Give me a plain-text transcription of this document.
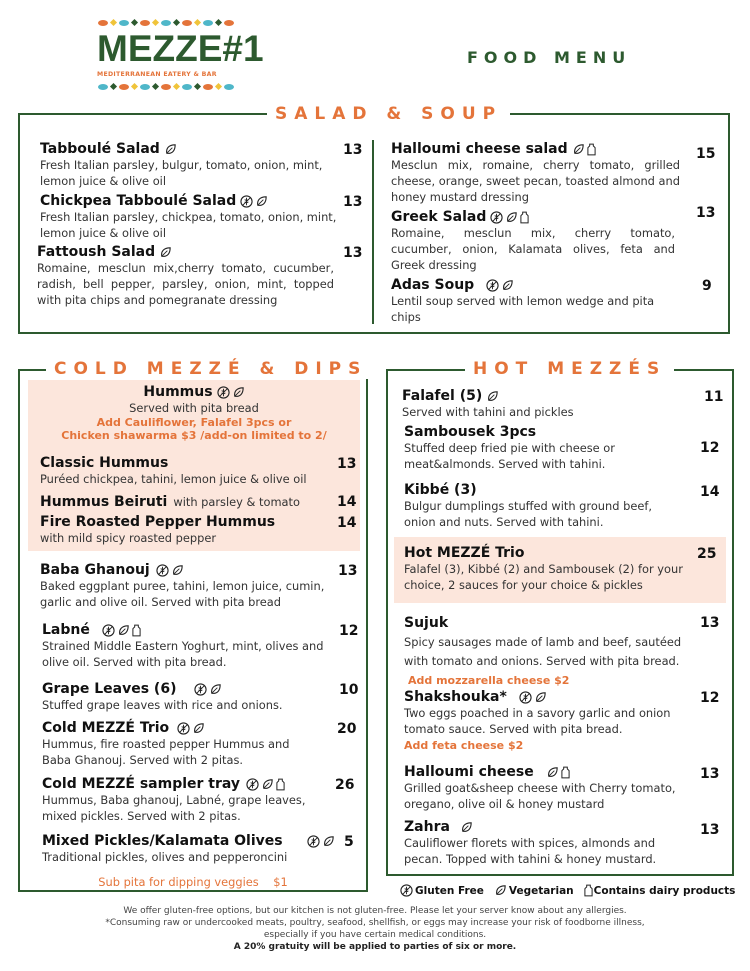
MEZZE#1
MEDITERRANEAN EATERY & BAR
FOOD MENU
SALAD & SOUP
Tabboulé Salad
Fresh Italian parsley, bulgur, tomato, onion, mint, lemon juice & olive oil
13
Chickpea Tabboulé Salad
Fresh Italian parsley, chickpea, tomato, onion, mint, lemon juice & olive oil
13
Fattoush Salad
Romaine, mesclun mix,cherry tomato, cucumber, radish, bell pepper, parsley, onion, mint, topped with pita chips and pomegranate dressing
13
Halloumi cheese salad
Mesclun mix, romaine, cherry tomato, grilled cheese, orange, sweet pecan, toasted almond and honey mustard dressing
15
Greek Salad
Romaine, mesclun mix, cherry tomato, cucumber, onion, Kalamata olives, feta and Greek dressing
13
Adas Soup
Lentil soup served with lemon wedge and pita chips
9
COLD MEZZÉ & DIPS
Hummus
Served with pita bread
Add Cauliflower, Falafel 3pcs or
Chicken shawarma $3 /add-on limited to 2/
Classic Hummus
Puréed chickpea, tahini, lemon juice & olive oil
13
Hummus Beiruti with parsley & tomato	14
Fire Roasted Pepper Hummus
with mild spicy roasted pepper
14
Baba Ghanouj
Baked eggplant puree, tahini, lemon juice, cumin, garlic and olive oil. Served with pita bread
13
Labné
Strained Middle Eastern Yoghurt, mint, olives and olive oil. Served with pita bread.
12
Grape Leaves (6)
Stuffed grape leaves with rice and onions.
10
Cold MEZZÉ Trio
Hummus, fire roasted pepper Hummus and Baba Ghanouj. Served with 2 pitas.
20
Cold MEZZÉ sampler tray
Hummus, Baba ghanouj, Labné, grape leaves, mixed pickles. Served with 2 pitas.
26
Mixed Pickles/Kalamata Olives
Traditional pickles, olives and pepperoncini
5
Sub pita for dipping veggies    $1
HOT MEZZÉS
Falafel (5)
Served with tahini and pickles
11
Sambousek 3pcs
Stuffed deep fried pie with cheese or meat&almonds. Served with tahini.
12
Kibbé (3)
Bulgur dumplings stuffed with ground beef, onion and nuts. Served with tahini.
14
Hot MEZZÉ Trio
Falafel (3), Kibbé (2) and Sambousek (2) for your choice, 2 sauces for your choice & pickles
25
Sujuk
Spicy sausages made of lamb and beef, sautéed with tomato and onions. Served with pita bread. Add mozzarella cheese $2
13
Shakshouka*
Two eggs poached in a savory garlic and onion tomato sauce. Served with pita bread.
Add feta cheese $2
12
Halloumi cheese
Grilled goat&sheep cheese with Cherry tomato, oregano, olive oil & honey mustard
13
Zahra
Cauliflower florets with spices, almonds and pecan. Topped with tahini & honey mustard.
13
Gluten Free Vegetarian Contains dairy products
We offer gluten-free options, but our kitchen is not gluten-free. Please let your server know about any allergies.
*Consuming raw or undercooked meats, poultry, seafood, shellfish, or eggs may increase your risk of foodborne illness,
especially if you have certain medical conditions.
A 20% gratuity will be applied to parties of six or more.
